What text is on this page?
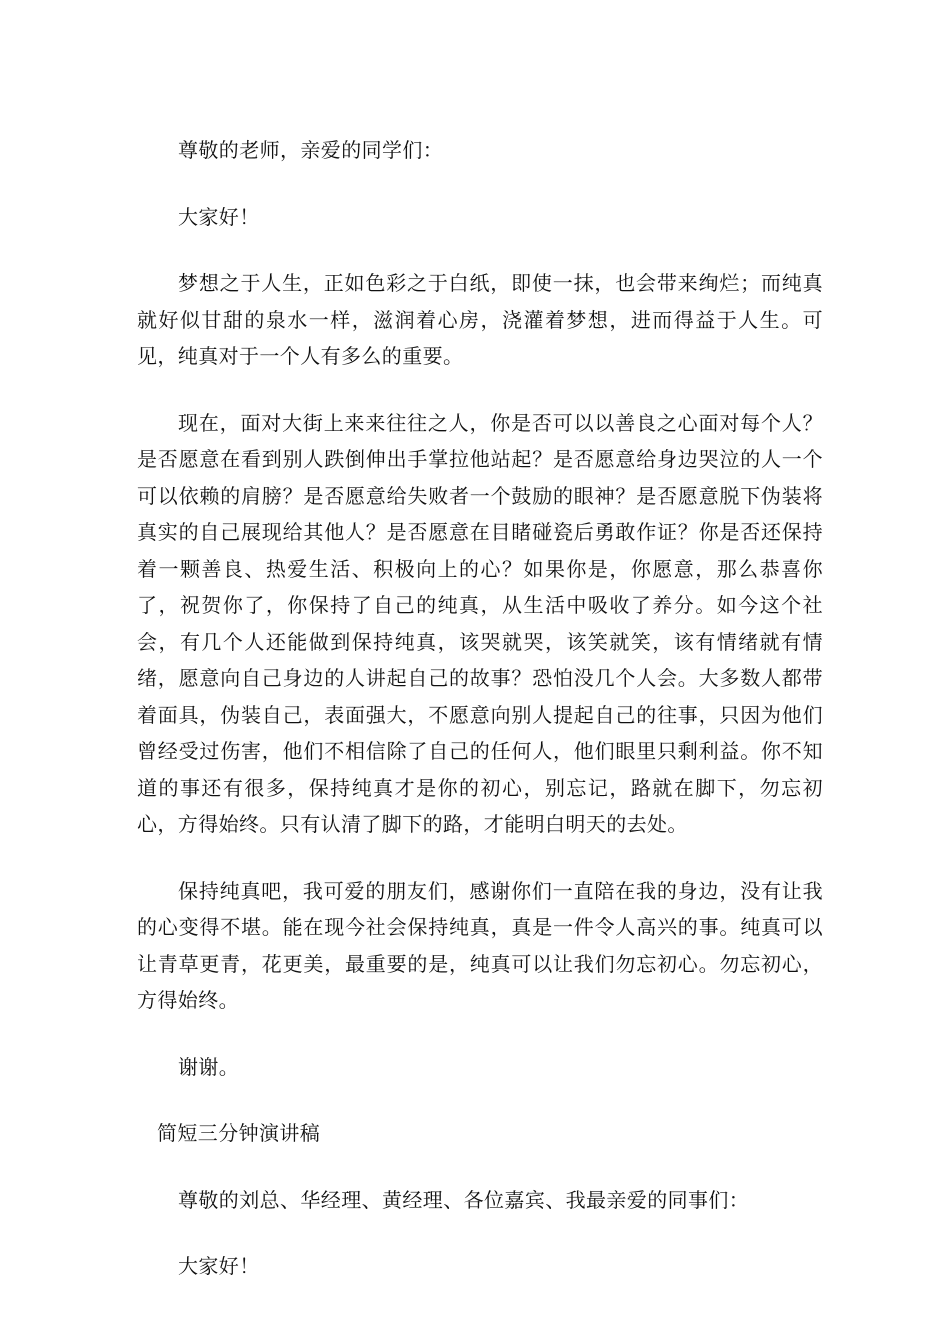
尊敬的老师，亲爱的同学们：

大家好！

梦想之于人生，正如色彩之于白纸，即使一抹，也会带来绚烂；而纯真就好似甘甜的泉水一样，滋润着心房，浇灌着梦想，进而得益于人生。可见，纯真对于一个人有多么的重要。

现在，面对大街上来来往往之人，你是否可以以善良之心面对每个人？是否愿意在看到别人跌倒伸出手掌拉他站起？是否愿意给身边哭泣的人一个可以依赖的肩膀？是否愿意给失败者一个鼓励的眼神？是否愿意脱下伪装将真实的自己展现给其他人？是否愿意在目睹碰瓷后勇敢作证？你是否还保持着一颗善良、热爱生活、积极向上的心？如果你是，你愿意，那么恭喜你了，祝贺你了，你保持了自己的纯真，从生活中吸收了养分。如今这个社会，有几个人还能做到保持纯真，该哭就哭，该笑就笑，该有情绪就有情绪，愿意向自己身边的人讲起自己的故事？恐怕没几个人会。大多数人都带着面具，伪装自己，表面强大，不愿意向别人提起自己的往事，只因为他们曾经受过伤害，他们不相信除了自己的任何人，他们眼里只剩利益。你不知道的事还有很多，保持纯真才是你的初心，别忘记，路就在脚下，勿忘初心，方得始终。只有认清了脚下的路，才能明白明天的去处。

保持纯真吧，我可爱的朋友们，感谢你们一直陪在我的身边，没有让我的心变得不堪。能在现今社会保持纯真，真是一件令人高兴的事。纯真可以让青草更青，花更美，最重要的是，纯真可以让我们勿忘初心。勿忘初心，方得始终。

谢谢。

简短三分钟演讲稿

尊敬的刘总、华经理、黄经理、各位嘉宾、我最亲爱的同事们：

大家好！
